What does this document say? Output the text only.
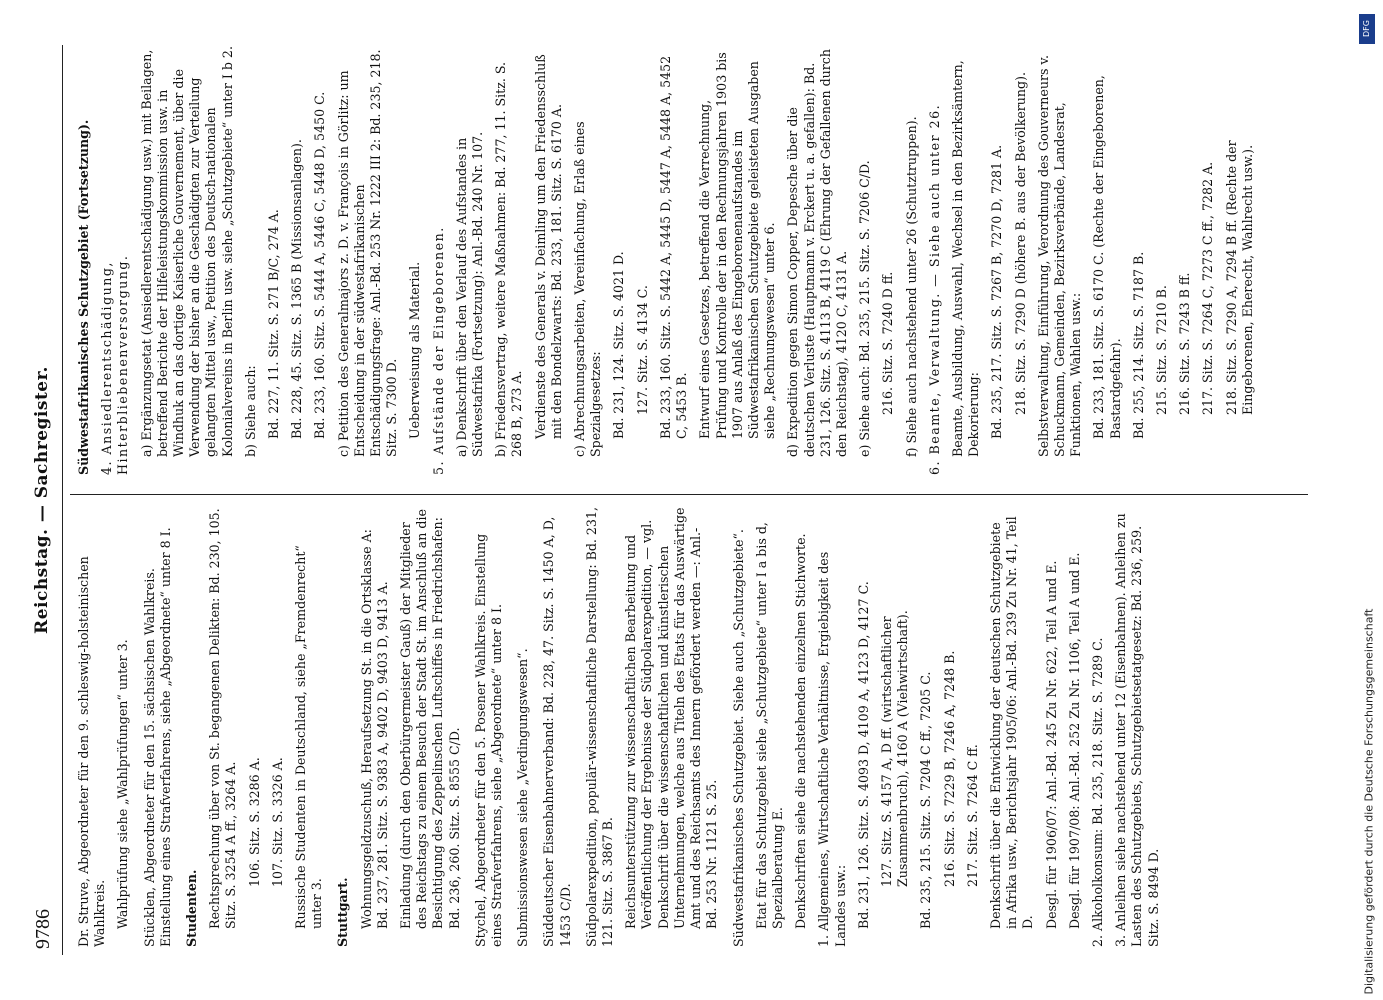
9786
Reichstag. — Sachregister.
Dr. Struve, Abgeordneter für den 9. schleswig-holsteinischen Wahlkreis. Wahlprüfung siehe „Wahlprüfungen“ unter 3. Stücklen, Abgeordneter für den 15. sächsischen Wahlkreis. Einstellung eines Strafverfahrens, siehe „Abgeordnete“ unter 8 I. Studenten. Rechtsprechung über von St. begangenen Delikten: Bd. 230, 105. Sitz. S. 3254 A ff., 3264 A. 106. Sitz. S. 3286 A. 107. Sitz. S. 3326 A. Russische Studenten in Deutschland, siehe „Fremdenrecht“ unter 3. Stuttgart. Wohnungsgeldzuschuß, Heraufsetzung St. in die Ortsklasse A: Bd. 237, 281. Sitz. S. 9383 A, 9402 D, 9403 D, 9413 A. Einladung (durch den Oberbürgermeister Gauß) der Mitglieder des Reichstags zu einem Besuch der Stadt St. im Anschluß an die Besichtigung des Zeppelinschen Luftschiffes in Friedrichshafen: Bd. 236, 260. Sitz. S. 8555 C/D. Stychel, Abgeordneter für den 5. Posener Wahlkreis. Einstellung eines Strafverfahrens, siehe „Abgeordnete“ unter 8 I. Submissionswesen siehe „Verdingungswesen“. Süddeutscher Eisenbahnerverband: Bd. 228, 47. Sitz. S. 1450 A, D, 1453 C/D. Südpolarexpedition, populär-wissenschaftliche Darstellung: Bd. 231, 121. Sitz. S. 3867 B. Reichsunterstützung zur wissenschaftlichen Bearbeitung und Veröffentlichung der Ergebnisse der Südpolarexpedition, — vgl. Denkschrift über die wissenschaftlichen und künstlerischen Unternehmungen, welche aus Titeln des Etats für das Auswärtige Amt und des Reichsamts des Innern gefördert werden —: Anl.-Bd. 253 Nr. 1121 S. 25. Südwestafrikanisches Schutzgebiet. Siehe auch „Schutzgebiete“. Etat für das Schutzgebiet siehe „Schutzgebiete“ unter I a bis d, Spezialberatung E. Denkschriften siehe die nachstehenden einzelnen Stichworte. 1. Allgemeines, Wirtschaftliche Verhältnisse, Ergiebigkeit des Landes usw.: Bd. 231, 126. Sitz. S. 4093 D, 4109 A, 4123 D, 4127 C. 127. Sitz. S. 4157 A, D ff. (wirtschaftlicher Zusammenbruch), 4160 A (Viehwirtschaft). Bd. 235, 215. Sitz. S. 7204 C ff., 7205 C. 216. Sitz. S. 7229 B, 7246 A, 7248 B. 217. Sitz. S. 7264 C ff. Denkschrift über die Entwicklung der deutschen Schutzgebiete in Afrika usw., Berichtsjahr 1905/06: Anl.-Bd. 239 Zu Nr. 41, Teil D. Desgl. für 1906/07: Anl.-Bd. 245 Zu Nr. 622, Teil A und E. Desgl. für 1907/08: Anl.-Bd. 252 Zu Nr. 1106, Teil A und E. 2. Alkoholkonsum: Bd. 235, 218. Sitz. S. 7289 C. 3. Anleihen siehe nachstehend unter 12 (Eisenbahnen). Anleihen zu Lasten des Schutzgebiets, Schutzgebietsetatgesetz: Bd. 236, 259. Sitz. S. 8494 D.
Südwestafrikanisches Schutzgebiet (Fortsetzung). 4. Ansiedlerentschädigung, Hinterbliebenenversorgung. a) Ergänzungsetat (Ansiedlerentschädigung usw.) mit Beilagen, betreffend Berichte der Hilfeleistungskommission usw. in Windhuk an das dortige Kaiserliche Gouvernement, über die Verwendung der bisher an die Geschädigten zur Verteilung gelangten Mittel usw., Petition des Deutsch-nationalen Kolonialvereins in Berlin usw. siehe „Schutzgebiete“ unter I b 2. b) Siehe auch: Bd. 227, 11. Sitz. S. 271 B/C, 274 A. Bd. 228, 45. Sitz. S. 1365 B (Missionsanlagen). Bd. 233, 160. Sitz. S. 5444 A, 5446 C, 5448 D, 5450 C. c) Petition des Generalmajors z. D. v. François in Görlitz: um Entscheidung in der südwestafrikanischen Entschädigungsfrage: Anl.-Bd. 253 Nr. 1222 III 2: Bd. 235, 218. Sitz. S. 7300 D. Ueberweisung als Material. 5. Aufstände der Eingeborenen. a) Denkschrift über den Verlauf des Aufstandes in Südwestafrika (Fortsetzung): Anl.-Bd. 240 Nr. 107. b) Friedensvertrag, weitere Maßnahmen: Bd. 277, 11. Sitz. S. 268 B, 273 A. Verdienste des Generals v. Deimling um den Friedensschluß mit den Bondelzwarts: Bd. 233, 181. Sitz. S. 6170 A. c) Abrechnungsarbeiten, Vereinfachung, Erlaß eines Spezialgesetzes: Bd. 231, 124. Sitz. S. 4021 D. 127. Sitz. S. 4134 C. Bd. 233, 160. Sitz. S. 5442 A, 5445 D, 5447 A, 5448 A, 5452 C, 5453 B. Entwurf eines Gesetzes, betreffend die Verrechnung, Prüfung und Kontrolle der in den Rechnungsjahren 1903 bis 1907 aus Anlaß des Eingeborenenaufstandes im Südwestafrikanischen Schutzgebiete geleisteten Ausgaben siehe „Rechnungswesen“ unter 6. d) Expedition gegen Simon Copper, Depesche über die deutschen Verluste (Hauptmann v. Erckert u. a. gefallen): Bd. 231, 126. Sitz. S. 4113 B, 4119 C (Ehrung der Gefallenen durch den Reichstag), 4120 C, 4131 A. e) Siehe auch: Bd. 235, 215. Sitz. S. 7206 C/D. 216. Sitz. S. 7240 D ff. f) Siehe auch nachstehend unter 26 (Schutztruppen). 6. Beamte, Verwaltung. — Siehe auch unter 26. Beamte, Ausbildung, Auswahl, Wechsel in den Bezirksämtern, Dekorierung: Bd. 235, 217. Sitz. S. 7267 B, 7270 D, 7281 A. 218. Sitz. S. 7290 D (höhere B. aus der Bevölkerung). Selbstverwaltung, Einführung, Verordnung des Gouverneurs v. Schuckmann, Gemeinden, Bezirksverbände, Landesrat, Funktionen, Wahlen usw.: Bd. 233, 181. Sitz. S. 6170 C. (Rechte der Eingeborenen, Bastardgefahr). Bd. 255, 214. Sitz. S. 7187 B. 215. Sitz. S. 7210 B. 216. Sitz. S. 7243 B ff. 217. Sitz. S. 7264 C, 7273 C ff., 7282 A. 218. Sitz. S. 7290 A, 7294 B ff. (Rechte der Eingeborenen, Eherecht, Wahlrecht usw.).
DFG
Digitalisierung gefördert durch die Deutsche Forschungsgemeinschaft
